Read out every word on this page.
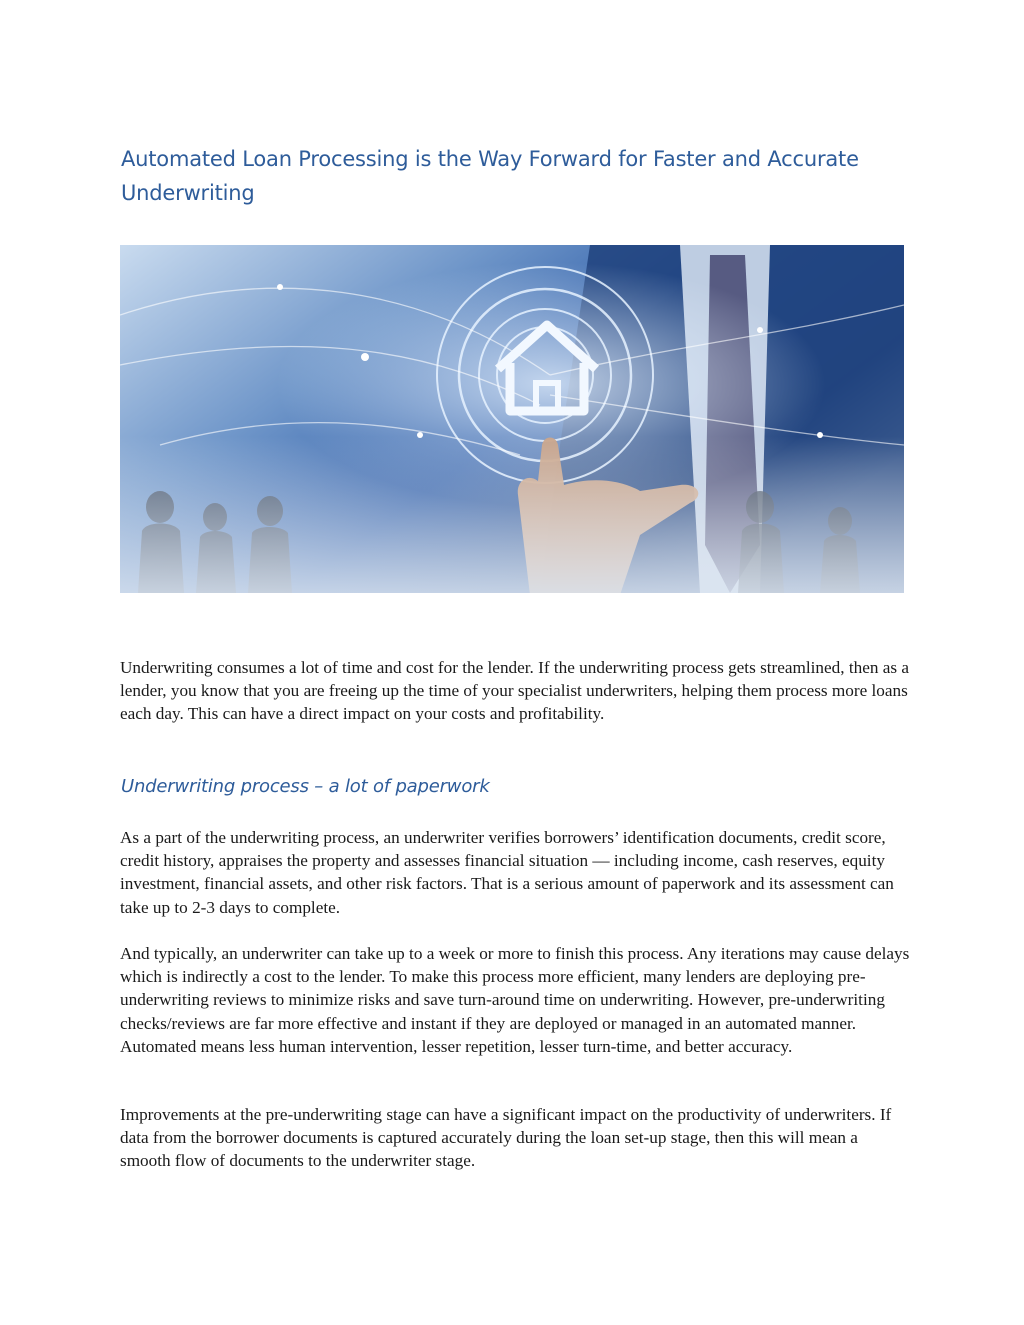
Automated Loan Processing is the Way Forward for Faster and Accurate Underwriting

Underwriting consumes a lot of time and cost for the lender. If the underwriting process gets streamlined, then as a lender, you know that you are freeing up the time of your specialist underwriters, helping them process more loans each day. This can have a direct impact on your costs and profitability.

Underwriting process – a lot of paperwork

As a part of the underwriting process, an underwriter verifies borrowers’ identification documents, credit score, credit history, appraises the property and assesses financial situation — including income, cash reserves, equity investment, financial assets, and other risk factors. That is a serious amount of paperwork and its assessment can take up to 2-3 days to complete.

And typically, an underwriter can take up to a week or more to finish this process. Any iterations may cause delays which is indirectly a cost to the lender. To make this process more efficient, many lenders are deploying pre-underwriting reviews to minimize risks and save turn-around time on underwriting. However, pre-underwriting checks/reviews are far more effective and instant if they are deployed or managed in an automated manner. Automated means less human intervention, lesser repetition, lesser turn-time, and better accuracy.

Improvements at the pre-underwriting stage can have a significant impact on the productivity of underwriters. If data from the borrower documents is captured accurately during the loan set-up stage, then this will mean a smooth flow of documents to the underwriter stage.
